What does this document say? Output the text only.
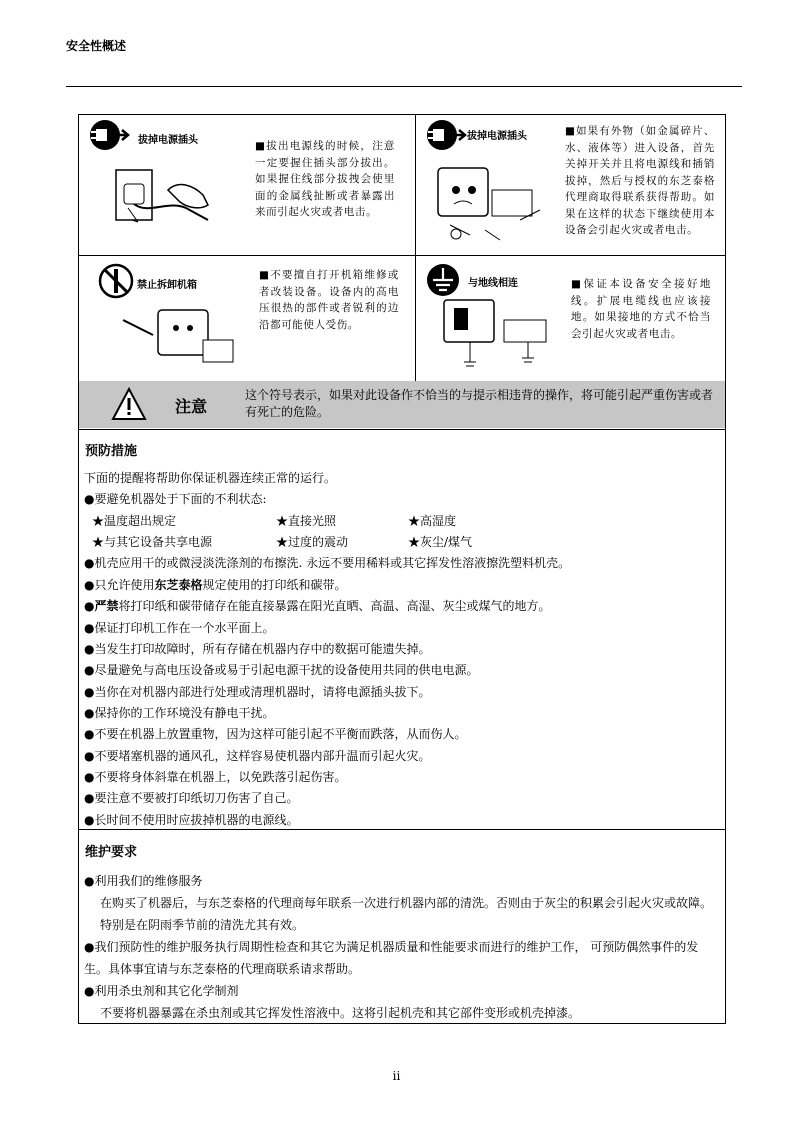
安全性概述
拔掉电源插头	■拔出电源线的时候，注意一定要握住插头部分拔出。如果握住线部分拔拽会使里面的金属线扯断或者暴露出来而引起火灾或者电击。
拔掉电源插头	■如果有外物（如金属碎片、水、液体等）进入设备，首先关掉开关并且将电源线和插销拔掉，然后与授权的东芝泰格代理商取得联系获得帮助。如果在这样的状态下继续使用本设备会引起火灾或者电击。
禁止拆卸机箱
■不要擅自打开机箱维修或者改装设备。设备内的高电压很热的部件或者锐利的边沿都可能使人受伤。
与地线相连	■保证本设备安全接好地线。扩展电缆线也应该接地。如果接地的方式不恰当会引起火灾或者电击。
注意
这个符号表示，如果对此设备作不恰当的与提示相违背的操作，将可能引起严重伤害或者有死亡的危险。
预防措施
下面的提醒将帮助你保证机器连续正常的运行。
●要避免机器处于下面的不利状态:
★温度超出规定	★直接光照	★高湿度
★与其它设备共享电源	★过度的震动	★灰尘/煤气
●机壳应用干的或微浸淡洗涤剂的布擦洗. 永远不要用稀料或其它挥发性溶液擦洗塑料机壳。
●只允许使用东芝泰格规定使用的打印纸和碳带。
●严禁将打印纸和碳带储存在能直接暴露在阳光直晒、高温、高湿、灰尘或煤气的地方。
●保证打印机工作在一个水平面上。
●当发生打印故障时，所有存储在机器内存中的数据可能遗失掉。
●尽量避免与高电压设备或易于引起电源干扰的设备使用共同的供电电源。
●当你在对机器内部进行处理或清理机器时，请将电源插头拔下。
●保持你的工作环境没有静电干扰。
●不要在机器上放置重物，因为这样可能引起不平衡而跌落，从而伤人。
●不要堵塞机器的通风孔，这样容易使机器内部升温而引起火灾。
●不要将身体斜靠在机器上，以免跌落引起伤害。
●要注意不要被打印纸切刀伤害了自己。
●长时间不使用时应拔掉机器的电源线。
维护要求
●利用我们的维修服务
在购买了机器后，与东芝泰格的代理商每年联系一次进行机器内部的清洗。否则由于灰尘的积累会引起火灾或故障。特别是在阴雨季节前的清洗尤其有效。
●我们预防性的维护服务执行周期性检查和其它为满足机器质量和性能要求而进行的维护工作， 可预防偶然事件的发生。具体事宜请与东芝泰格的代理商联系请求帮助。
●利用杀虫剂和其它化学制剂
不要将机器暴露在杀虫剂或其它挥发性溶液中。这将引起机壳和其它部件变形或机壳掉漆。
ii
